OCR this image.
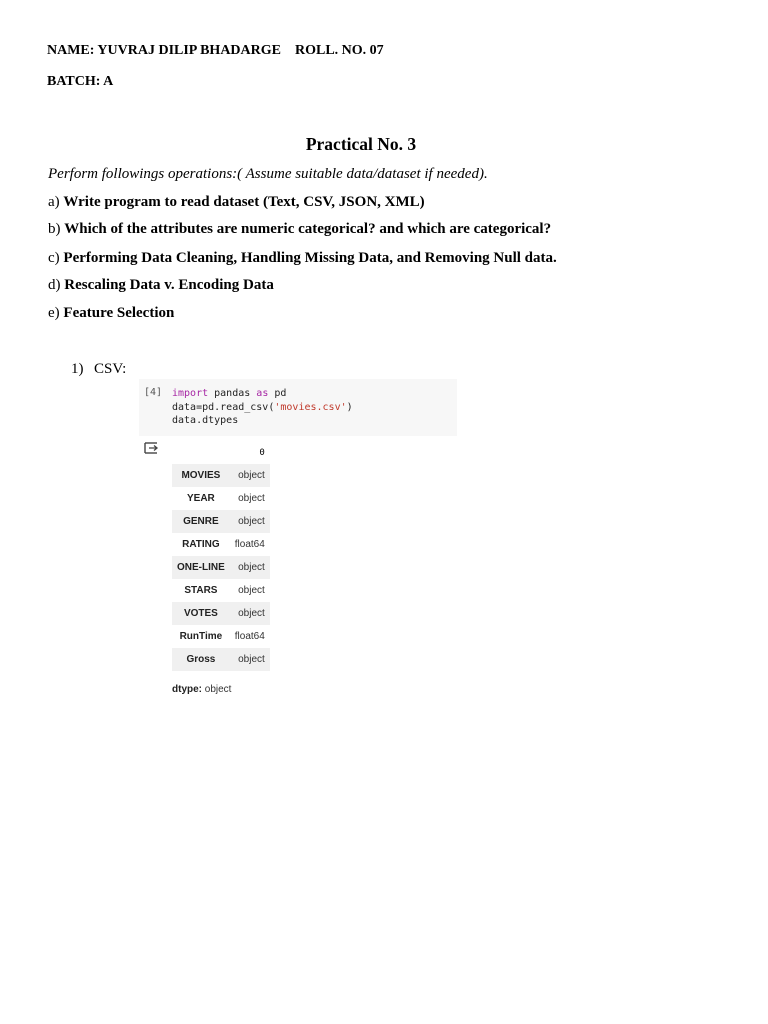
NAME: YUVRAJ DILIP BHADARGE ROLL. NO. 07
BATCH: A
Practical No. 3
Perform followings operations:( Assume suitable data/dataset if needed).
a) Write program to read dataset (Text, CSV, JSON, XML)
b) Which of the attributes are numeric categorical? and which are categorical?
c) Performing Data Cleaning, Handling Missing Data, and Removing Null data.
d) Rescaling Data v. Encoding Data
e) Feature Selection
1) CSV:
[4] import pandas as pd
data=pd.read_csv('movies.csv')
data.dtypes
	0
MOVIES	object
YEAR	object
GENRE	object
RATING	float64
ONE-LINE	object
STARS	object
VOTES	object
RunTime	float64
Gross	object
dtype: object
